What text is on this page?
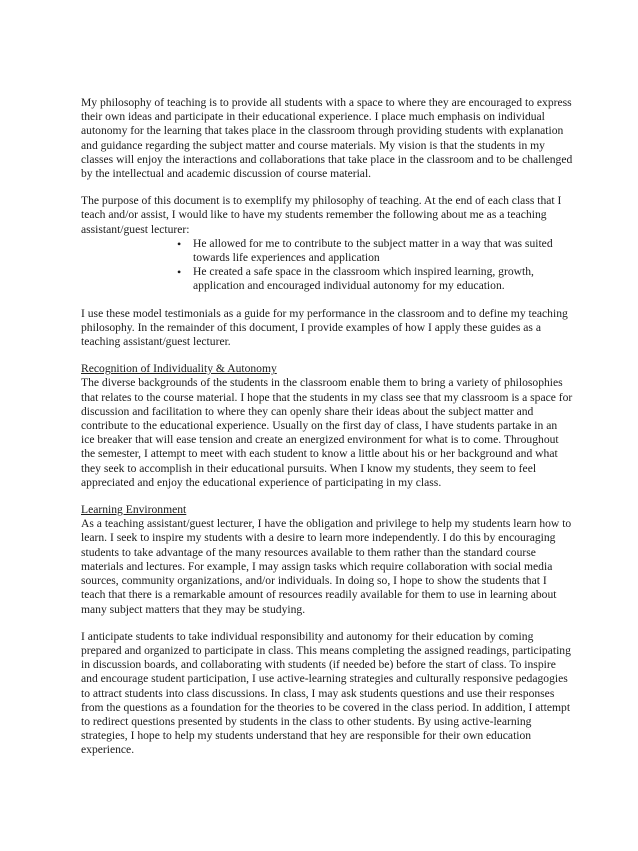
My philosophy of teaching is to provide all students with a space to where they are encouraged to express their own ideas and participate in their educational experience. I place much emphasis on individual autonomy for the learning that takes place in the classroom through providing students with explanation and guidance regarding the subject matter and course materials. My vision is that the students in my classes will enjoy the interactions and collaborations that take place in the classroom and to be challenged by the intellectual and academic discussion of course material.

The purpose of this document is to exemplify my philosophy of teaching. At the end of each class that I teach and/or assist, I would like to have my students remember the following about me as a teaching assistant/guest lecturer:

• He allowed for me to contribute to the subject matter in a way that was suited towards life experiences and application
• He created a safe space in the classroom which inspired learning, growth, application and encouraged individual autonomy for my education.

I use these model testimonials as a guide for my performance in the classroom and to define my teaching philosophy. In the remainder of this document, I provide examples of how I apply these guides as a teaching assistant/guest lecturer.

Recognition of Individuality & Autonomy
The diverse backgrounds of the students in the classroom enable them to bring a variety of philosophies that relates to the course material. I hope that the students in my class see that my classroom is a space for discussion and facilitation to where they can openly share their ideas about the subject matter and contribute to the educational experience. Usually on the first day of class, I have students partake in an ice breaker that will ease tension and create an energized environment for what is to come. Throughout the semester, I attempt to meet with each student to know a little about his or her background and what they seek to accomplish in their educational pursuits. When I know my students, they seem to feel appreciated and enjoy the educational experience of participating in my class.
Learning Environment
As a teaching assistant/guest lecturer, I have the obligation and privilege to help my students learn how to learn. I seek to inspire my students with a desire to learn more independently. I do this by encouraging students to take advantage of the many resources available to them rather than the standard course materials and lectures. For example, I may assign tasks which require collaboration with social media sources, community organizations, and/or individuals. In doing so, I hope to show the students that I teach that there is a remarkable amount of resources readily available for them to use in learning about many subject matters that they may be studying.

I anticipate students to take individual responsibility and autonomy for their education by coming prepared and organized to participate in class. This means completing the assigned readings, participating in discussion boards, and collaborating with students (if needed be) before the start of class. To inspire and encourage student participation, I use active-learning strategies and culturally responsive pedagogies to attract students into class discussions. In class, I may ask students questions and use their responses from the questions as a foundation for the theories to be covered in the class period. In addition, I attempt to redirect questions presented by students in the class to other students. By using active-learning strategies, I hope to help my students understand that hey are responsible for their own education experience.
